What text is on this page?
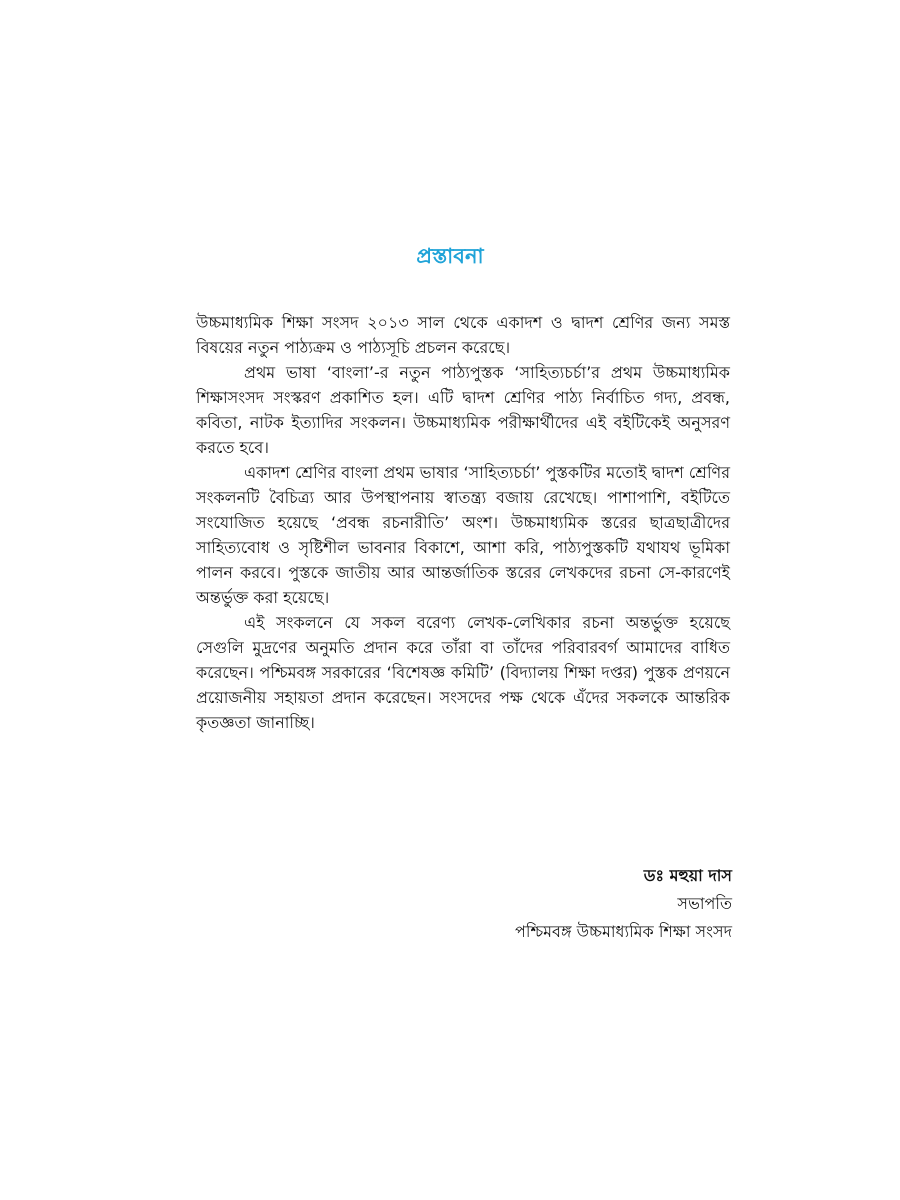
প্রস্তাবনা

উচ্চমাধ্যমিক শিক্ষা সংসদ ২০১৩ সাল থেকে একাদশ ও দ্বাদশ শ্রেণির জন্য সমস্ত বিষয়ের নতুন পাঠ্যক্রম ও পাঠ্যসূচি প্রচলন করেছে।

প্রথম ভাষা ‘বাংলা’-র নতুন পাঠ্যপুস্তক ‘সাহিত্যচর্চা’র প্রথম উচ্চমাধ্যমিক শিক্ষাসংসদ সংস্করণ প্রকাশিত হল। এটি দ্বাদশ শ্রেণির পাঠ্য নির্বাচিত গদ্য, প্রবন্ধ, কবিতা, নাটক ইত্যাদির সংকলন। উচ্চমাধ্যমিক পরীক্ষার্থীদের এই বইটিকেই অনুসরণ করতে হবে।

একাদশ শ্রেণির বাংলা প্রথম ভাষার ‘সাহিত্যচর্চা’ পুস্তকটির মতোই দ্বাদশ শ্রেণির সংকলনটি বৈচিত্র্য আর উপস্থাপনায় স্বাতন্ত্র্য বজায় রেখেছে। পাশাপাশি, বইটিতে সংযোজিত হয়েছে ‘প্রবন্ধ রচনারীতি’ অংশ। উচ্চমাধ্যমিক স্তরের ছাত্রছাত্রীদের সাহিত্যবোধ ও সৃষ্টিশীল ভাবনার বিকাশে, আশা করি, পাঠ্যপুস্তকটি যথাযথ ভূমিকা পালন করবে। পুস্তকে জাতীয় আর আন্তর্জাতিক স্তরের লেখকদের রচনা সে-কারণেই অন্তর্ভুক্ত করা হয়েছে।

এই সংকলনে যে সকল বরেণ্য লেখক-লেখিকার রচনা অন্তর্ভুক্ত হয়েছে সেগুলি মুদ্রণের অনুমতি প্রদান করে তাঁরা বা তাঁদের পরিবারবর্গ আমাদের বাধিত করেছেন। পশ্চিমবঙ্গ সরকারের ‘বিশেষজ্ঞ কমিটি’ (বিদ্যালয় শিক্ষা দপ্তর) পুস্তক প্রণয়নে প্রয়োজনীয় সহায়তা প্রদান করেছেন। সংসদের পক্ষ থেকে এঁদের সকলকে আন্তরিক কৃতজ্ঞতা জানাচ্ছি।

ডঃ মহুয়া দাস
সভাপতি
পশ্চিমবঙ্গ উচ্চমাধ্যমিক শিক্ষা সংসদ
